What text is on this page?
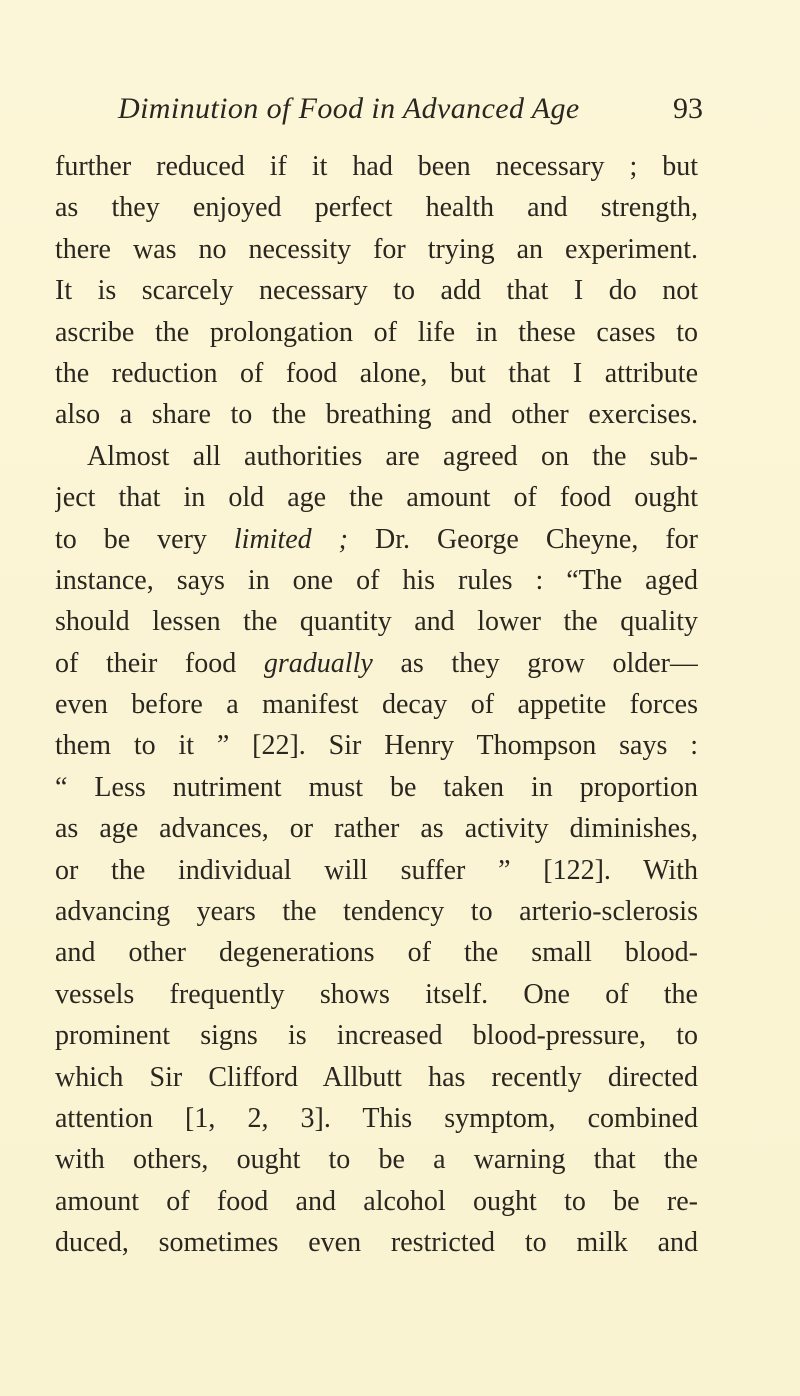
Diminution of Food in Advanced Age	93
further reduced if it had been necessary ; but
as they enjoyed perfect health and strength,
there was no necessity for trying an experiment.
It is scarcely necessary to add that I do not
ascribe the prolongation of life in these cases to
the reduction of food alone, but that I attribute
also a share to the breathing and other exercises.
Almost all authorities are agreed on the sub-
ject that in old age the amount of food ought
to be very limited ; Dr. George Cheyne, for
instance, says in one of his rules : “The aged
should lessen the quantity and lower the quality
of their food gradually as they grow older—
even before a manifest decay of appetite forces
them to it ” [22]. Sir Henry Thompson says :
“ Less nutriment must be taken in proportion
as age advances, or rather as activity diminishes,
or the individual will suffer ” [122]. With
advancing years the tendency to arterio-sclerosis
and other degenerations of the small blood-
vessels frequently shows itself. One of the
prominent signs is increased blood-pressure, to
which Sir Clifford Allbutt has recently directed
attention [1, 2, 3]. This symptom, combined
with others, ought to be a warning that the
amount of food and alcohol ought to be re-
duced, sometimes even restricted to milk and
